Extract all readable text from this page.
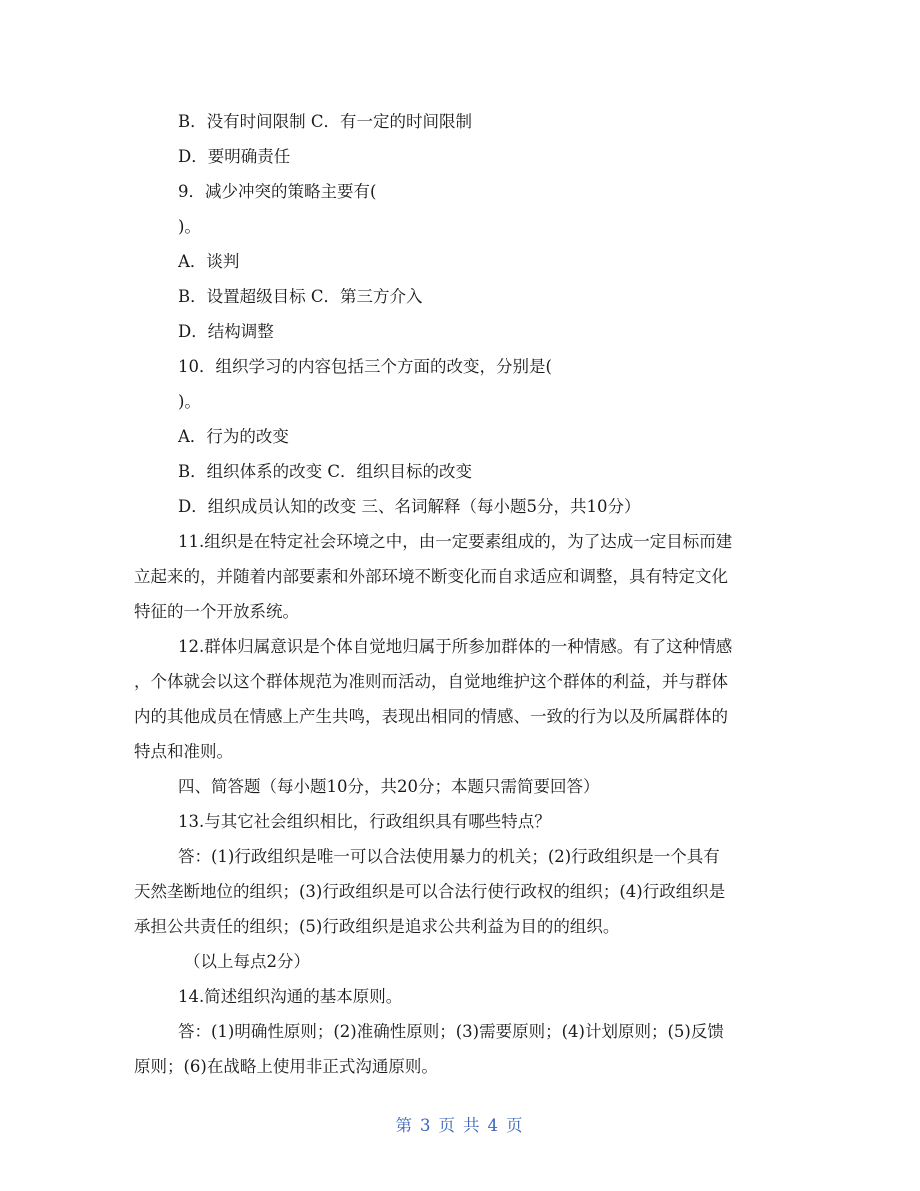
B．没有时间限制 C．有一定的时间限制

D．要明确责任

9．减少冲突的策略主要有(

)。

A．谈判

B．设置超级目标 C．第三方介入

D．结构调整

10．组织学习的内容包括三个方面的改变，分别是(

)。

A．行为的改变

B．组织体系的改变 C．组织目标的改变

D．组织成员认知的改变 三、名词解释（每小题5分，共10分）

11.组织是在特定社会环境之中，由一定要素组成的，为了达成一定目标而建

立起来的，并随着内部要素和外部环境不断变化而自求适应和调整，具有特定文化

特征的一个开放系统。

12.群体归属意识是个体自觉地归属于所参加群体的一种情感。有了这种情感

，个体就会以这个群体规范为准则而活动，自觉地维护这个群体的利益，并与群体

内的其他成员在情感上产生共鸣，表现出相同的情感、一致的行为以及所属群体的

特点和准则。

四、简答题（每小题10分，共20分；本题只需简要回答）

13.与其它社会组织相比，行政组织具有哪些特点？

答：(1)行政组织是唯一可以合法使用暴力的机关；(2)行政组织是一个具有

天然垄断地位的组织；(3)行政组织是可以合法行使行政权的组织；(4)行政组织是

承担公共责任的组织；(5)行政组织是追求公共利益为目的的组织。

（以上每点2分）

14.简述组织沟通的基本原则。

答：(1)明确性原则；(2)准确性原则；(3)需要原则；(4)计划原则；(5)反馈

原则；(6)在战略上使用非正式沟通原则。

第 3 页 共 4 页
